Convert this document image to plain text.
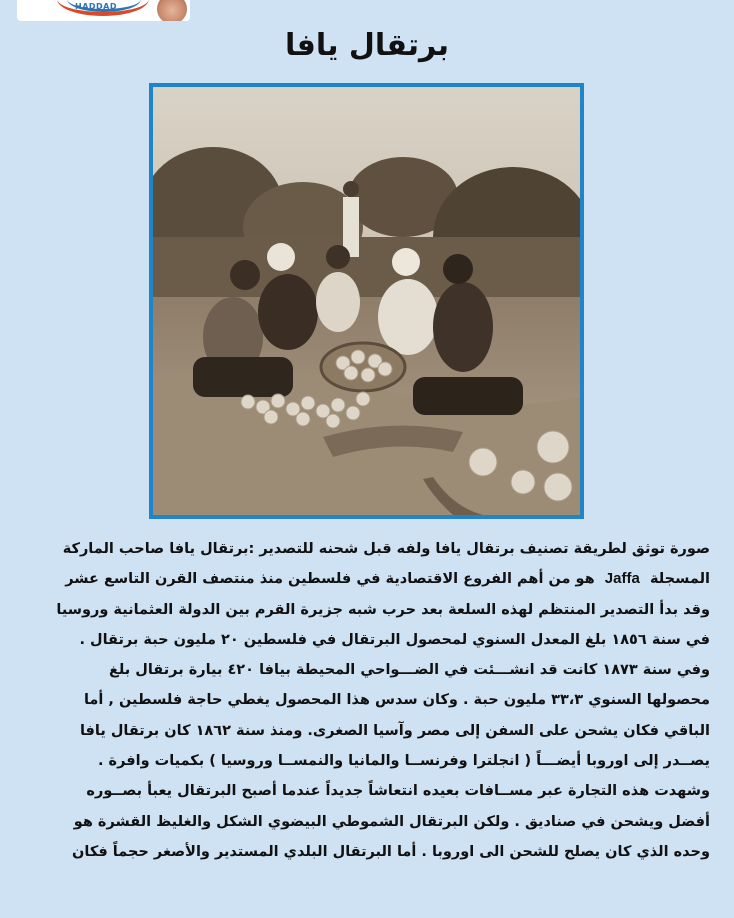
HADDAD
برتقال يافا
صورة توثق لطريقة تصنيف برتقال يافا ولفه قبل شحنه للتصدير :برتقال يافا صاحب الماركة
المسجلة  Jaffa  هو من أهم الفروع الاقتصادية في فلسطين منذ منتصف القرن التاسع عشر
وقد بدأ التصدير المنتظم لهذه السلعة بعد حرب شبه جزيرة القرم بين الدولة العثمانية وروسيا
في سنة ١٨٥٦ بلغ المعدل السنوي لمحصول البرتقال في فلسطين ٢٠ مليون حبة برتقال .
وفي سنة ١٨٧٣ كانت قد انشـــئت في الضـــواحي المحيطة بيافا ٤٢٠ بيارة برتقال بلغ
محصولها السنوي ٣٣،٣ مليون حبة . وكان سدس هذا المحصول يغطي حاجة فلسطين , أما
الباقي فكان يشحن على السفن إلى مصر وآسيا الصغرى. ومنذ سنة ١٨٦٢ كان برتقال يافا
يصــدر إلى اوروبا أيضـــاً ( انجلترا وفرنســا والمانيا والنمســا وروسيا ) بكميات وافرة .
وشهدت هذه التجارة عبر مســافات بعيده انتعاشاً جديداً عندما أصبح البرتقال يعبأ بصــوره
أفضل ويشحن في صناديق . ولكن البرتقال الشموطي البيضوي الشكل والغليظ القشرة هو
وحده الذي كان يصلح للشحن الى اوروبا . أما البرتقال البلدي المستدير والأصغر حجماً فكان
